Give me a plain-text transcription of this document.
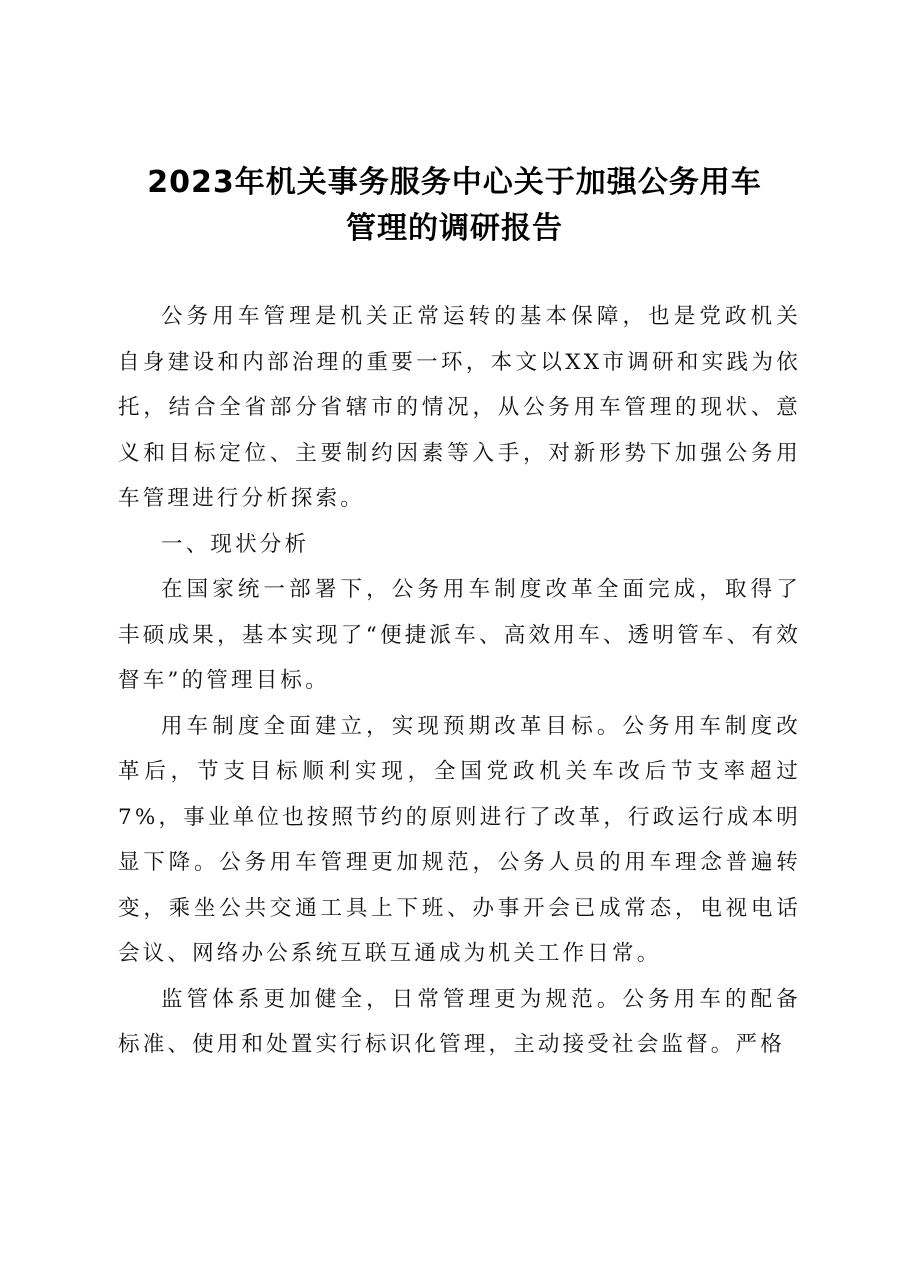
2023年机关事务服务中心关于加强公务用车
管理的调研报告

公务用车管理是机关正常运转的基本保障，也是党政机关自身建设和内部治理的重要一环，本文以XX市调研和实践为依托，结合全省部分省辖市的情况，从公务用车管理的现状、意义和目标定位、主要制约因素等入手，对新形势下加强公务用车管理进行分析探索。

一、现状分析

在国家统一部署下，公务用车制度改革全面完成，取得了丰硕成果，基本实现了“便捷派车、高效用车、透明管车、有效督车”的管理目标。

用车制度全面建立，实现预期改革目标。公务用车制度改革后，节支目标顺利实现，全国党政机关车改后节支率超过7%，事业单位也按照节约的原则进行了改革，行政运行成本明显下降。公务用车管理更加规范，公务人员的用车理念普遍转变，乘坐公共交通工具上下班、办事开会已成常态，电视电话会议、网络办公系统互联互通成为机关工作日常。

监管体系更加健全，日常管理更为规范。公务用车的配备标准、使用和处置实行标识化管理，主动接受社会监督。严格
